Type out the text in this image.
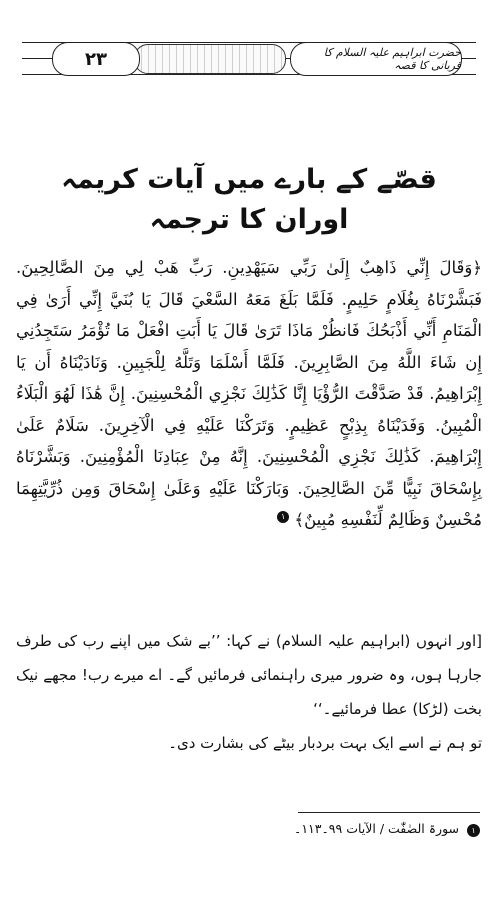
۲۳	حضرت ابراہیم علیہ السلام کا قربانی کا قصہ
قصّے کے بارے میں آیات کریمہ اوران کا ترجمہ
﴿وَقَالَ إِنِّي ذَاهِبٌ إِلَىٰ رَبِّي سَيَهْدِينِ. رَبِّ هَبْ لِي مِنَ الصَّالِحِينَ. فَبَشَّرْنَاهُ بِغُلَامٍ حَلِيمٍ. فَلَمَّا بَلَغَ مَعَهُ السَّعْيَ قَالَ يَا بُنَيَّ إِنِّي أَرَىٰ فِي الْمَنَامِ أَنِّي أَذْبَحُكَ فَانظُرْ مَاذَا تَرَىٰ قَالَ يَا أَبَتِ افْعَلْ مَا تُؤْمَرُ سَتَجِدُنِي إِن شَاءَ اللَّهُ مِنَ الصَّابِرِينَ. فَلَمَّا أَسْلَمَا وَتَلَّهُ لِلْجَبِينِ. وَنَادَيْنَاهُ أَن يَا إِبْرَاهِيمُ. قَدْ صَدَّقْتَ الرُّؤْيَا إِنَّا كَذَٰلِكَ نَجْزِي الْمُحْسِنِينَ. إِنَّ هَٰذَا لَهُوَ الْبَلَاءُ الْمُبِينُ. وَفَدَيْنَاهُ بِذِبْحٍ عَظِيمٍ. وَتَرَكْنَا عَلَيْهِ فِي الْآخِرِينَ. سَلَامٌ عَلَىٰ إِبْرَاهِيمَ. كَذَٰلِكَ نَجْزِي الْمُحْسِنِينَ. إِنَّهُ مِنْ عِبَادِنَا الْمُؤْمِنِينَ. وَبَشَّرْنَاهُ بِإِسْحَاقَ نَبِيًّا مِّنَ الصَّالِحِينَ. وَبَارَكْنَا عَلَيْهِ وَعَلَىٰ إِسْحَاقَ وَمِن ذُرِّيَّتِهِمَا مُحْسِنٌ وَظَالِمٌ لِّنَفْسِهِ مُبِينٌ﴾ ١
[اور انہوں (ابراہیم علیہ السلام) نے کہا: ’’بے شک میں اپنے رب کی طرف جارہا ہوں، وہ ضرور میری راہنمائی فرمائیں گے۔ اے میرے رب! مجھے نیک بخت (لڑکا) عطا فرمائیے۔‘‘
تو ہم نے اسے ایک بہت بردبار بیٹے کی بشارت دی۔
١ سورۃ الصٰفّٰت / الآیات ۹۹۔۱۱۳۔
